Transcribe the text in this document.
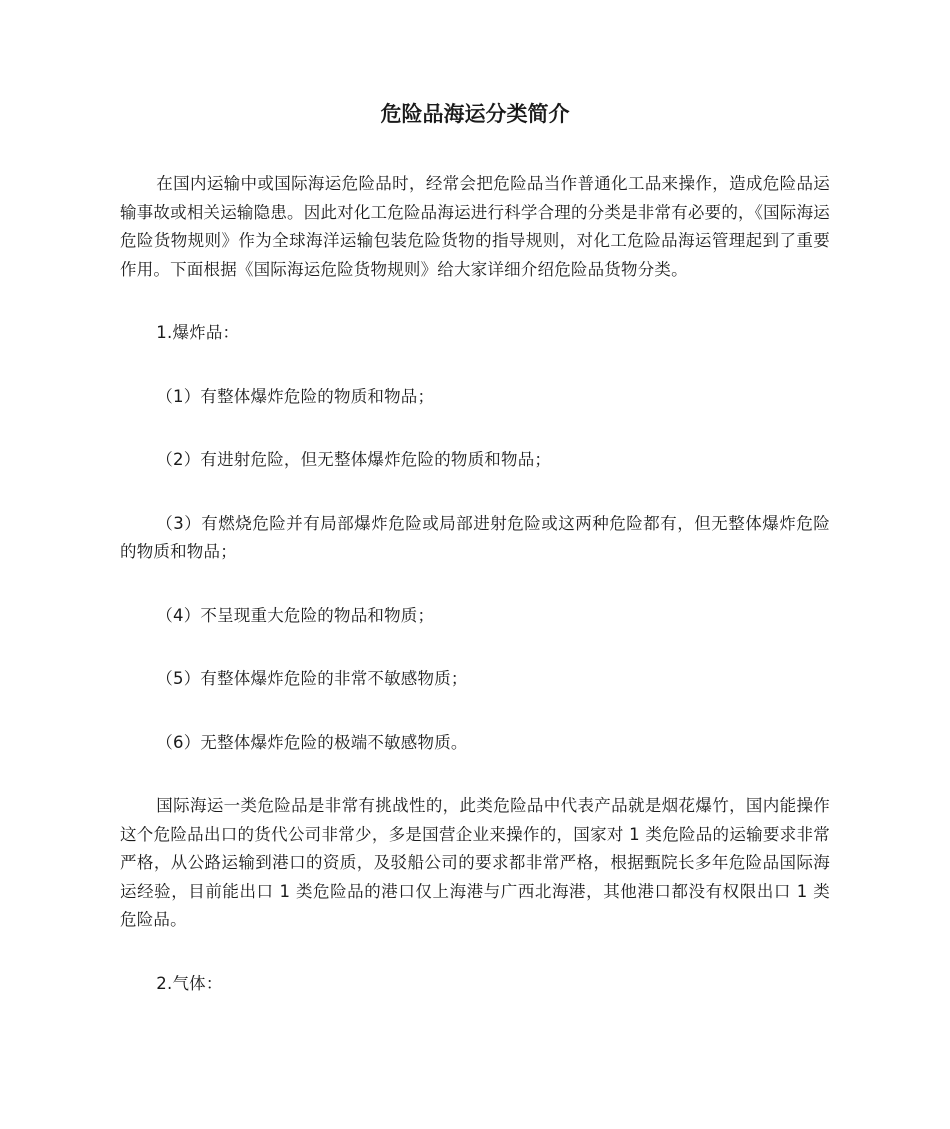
危险品海运分类简介

在国内运输中或国际海运危险品时，经常会把危险品当作普通化工品来操作，造成危险品运输事故或相关运输隐患。因此对化工危险品海运进行科学合理的分类是非常有必要的，《国际海运危险货物规则》作为全球海洋运输包装危险货物的指导规则，对化工危险品海运管理起到了重要作用。下面根据《国际海运危险货物规则》给大家详细介绍危险品货物分类。

1.爆炸品：

（1）有整体爆炸危险的物质和物品；

（2）有进射危险，但无整体爆炸危险的物质和物品；

（3）有燃烧危险并有局部爆炸危险或局部进射危险或这两种危险都有，但无整体爆炸危险的物质和物品；

（4）不呈现重大危险的物品和物质；

（5）有整体爆炸危险的非常不敏感物质；

（6）无整体爆炸危险的极端不敏感物质。

国际海运一类危险品是非常有挑战性的，此类危险品中代表产品就是烟花爆竹，国内能操作这个危险品出口的货代公司非常少，多是国营企业来操作的，国家对 1 类危险品的运输要求非常严格，从公路运输到港口的资质，及驳船公司的要求都非常严格，根据甄院长多年危险品国际海运经验，目前能出口 1 类危险品的港口仅上海港与广西北海港，其他港口都没有权限出口 1 类危险品。

2.气体：
